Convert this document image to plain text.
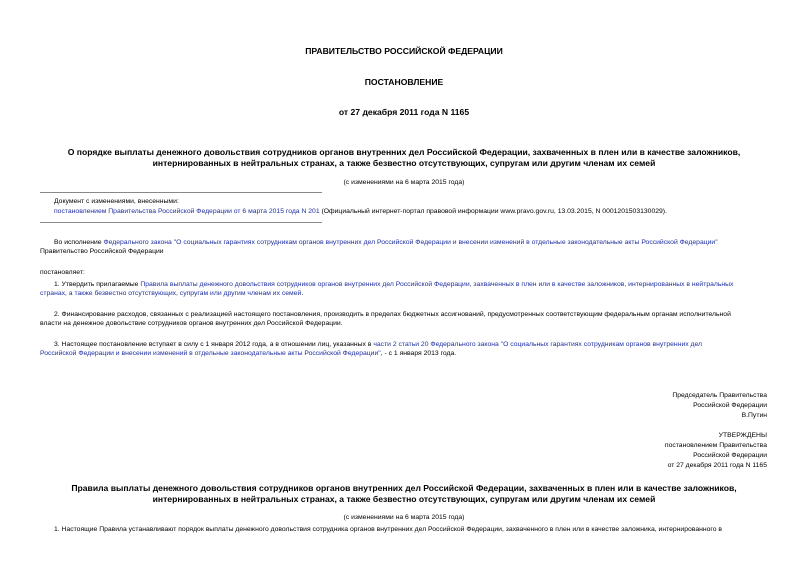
ПРАВИТЕЛЬСТВО РОССИЙСКОЙ ФЕДЕРАЦИИ
ПОСТАНОВЛЕНИЕ
от 27 декабря 2011 года N 1165
О порядке выплаты денежного довольствия сотрудников органов внутренних дел Российской Федерации, захваченных в плен или в качестве заложников,
интернированных в нейтральных странах, а также безвестно отсутствующих, супругам или другим членам их семей
(с изменениями на 6 марта 2015 года)
Документ с изменениями, внесенными:
постановлением Правительства Российской Федерации от 6 марта 2015 года N 201 (Официальный интернет-портал правовой информации www.pravo.gov.ru, 13.03.2015, N 0001201503130029).
Во исполнение Федерального закона "О социальных гарантиях сотрудникам органов внутренних дел Российской Федерации и внесении изменений в отдельные законодательные акты Российской Федерации"
Правительство Российской Федерации
постановляет:
1. Утвердить прилагаемые Правила выплаты денежного довольствия сотрудников органов внутренних дел Российской Федерации, захваченных в плен или в качестве заложников, интернированных в нейтральных
странах, а также безвестно отсутствующих, супругам или другим членам их семей.
2. Финансирование расходов, связанных с реализацией настоящего постановления, производить в пределах бюджетных ассигнований, предусмотренных соответствующим федеральным органам исполнительной
власти на денежное довольствие сотрудников органов внутренних дел Российской Федерации.
3. Настоящее постановление вступает в силу с 1 января 2012 года, а в отношении лиц, указанных в части 2 статьи 20 Федерального закона "О социальных гарантиях сотрудникам органов внутренних дел
Российской Федерации и внесении изменений в отдельные законодательные акты Российской Федерации", - с 1 января 2013 года.
Председатель Правительства
Российской Федерации
В.Путин
УТВЕРЖДЕНЫ
постановлением Правительства
Российской Федерации
от 27 декабря 2011 года N 1165
Правила выплаты денежного довольствия сотрудников органов внутренних дел Российской Федерации, захваченных в плен или в качестве заложников,
интернированных в нейтральных странах, а также безвестно отсутствующих, супругам или другим членам их семей
(с изменениями на 6 марта 2015 года)
1. Настоящие Правила устанавливают порядок выплаты денежного довольствия сотрудника органов внутренних дел Российской Федерации, захваченного в плен или в качестве заложника, интернированного в
